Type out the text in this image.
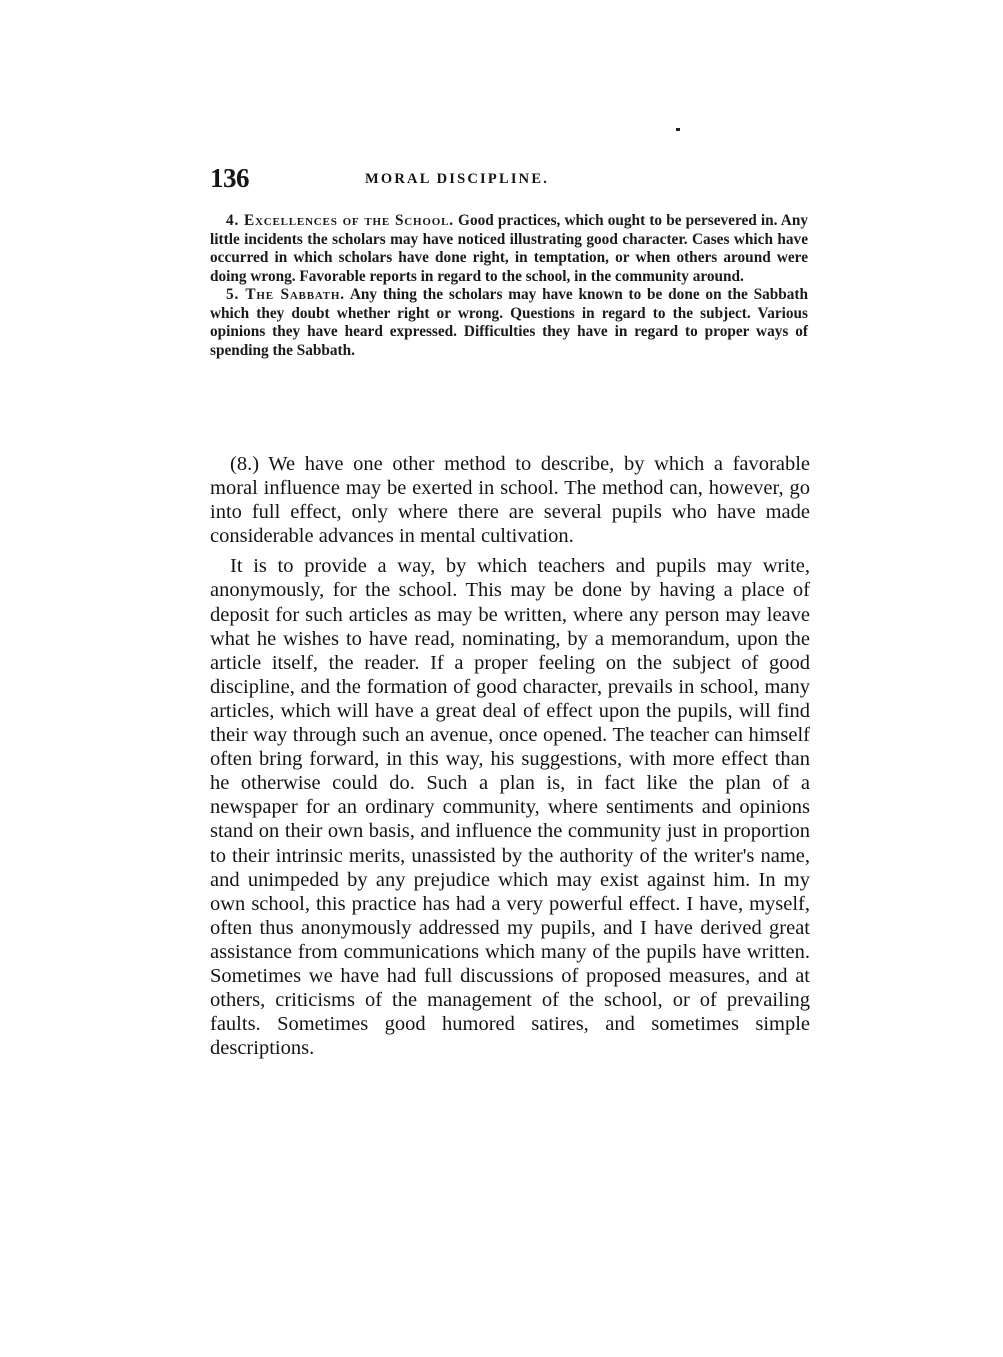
136	MORAL DISCIPLINE.

4. Excellences of the School. Good practices, which ought to be persevered in. Any little incidents the scholars may have noticed illustrating good character. Cases which have occurred in which scholars have done right, in temptation, or when others around were doing wrong. Favorable reports in regard to the school, in the community around.

5. The Sabbath. Any thing the scholars may have known to be done on the Sabbath which they doubt whether right or wrong. Questions in regard to the subject. Various opinions they have heard expressed. Difficulties they have in regard to proper ways of spending the Sabbath.

(8.) We have one other method to describe, by which a favorable moral influence may be exerted in school. The method can, however, go into full effect, only where there are several pupils who have made considerable advances in mental cultivation.

It is to provide a way, by which teachers and pupils may write, anonymously, for the school. This may be done by having a place of deposit for such articles as may be written, where any person may leave what he wishes to have read, nominating, by a memorandum, upon the article itself, the reader. If a proper feeling on the subject of good discipline, and the formation of good character, prevails in school, many articles, which will have a great deal of effect upon the pupils, will find their way through such an avenue, once opened. The teacher can himself often bring forward, in this way, his suggestions, with more effect than he otherwise could do. Such a plan is, in fact like the plan of a newspaper for an ordinary community, where sentiments and opinions stand on their own basis, and influence the community just in proportion to their intrinsic merits, unassisted by the authority of the writer's name, and unimpeded by any prejudice which may exist against him. In my own school, this practice has had a very powerful effect. I have, myself, often thus anonymously addressed my pupils, and I have derived great assistance from communications which many of the pupils have written. Sometimes we have had full discussions of proposed measures, and at others, criticisms of the management of the school, or of prevailing faults. Sometimes good humored satires, and sometimes simple descriptions.
